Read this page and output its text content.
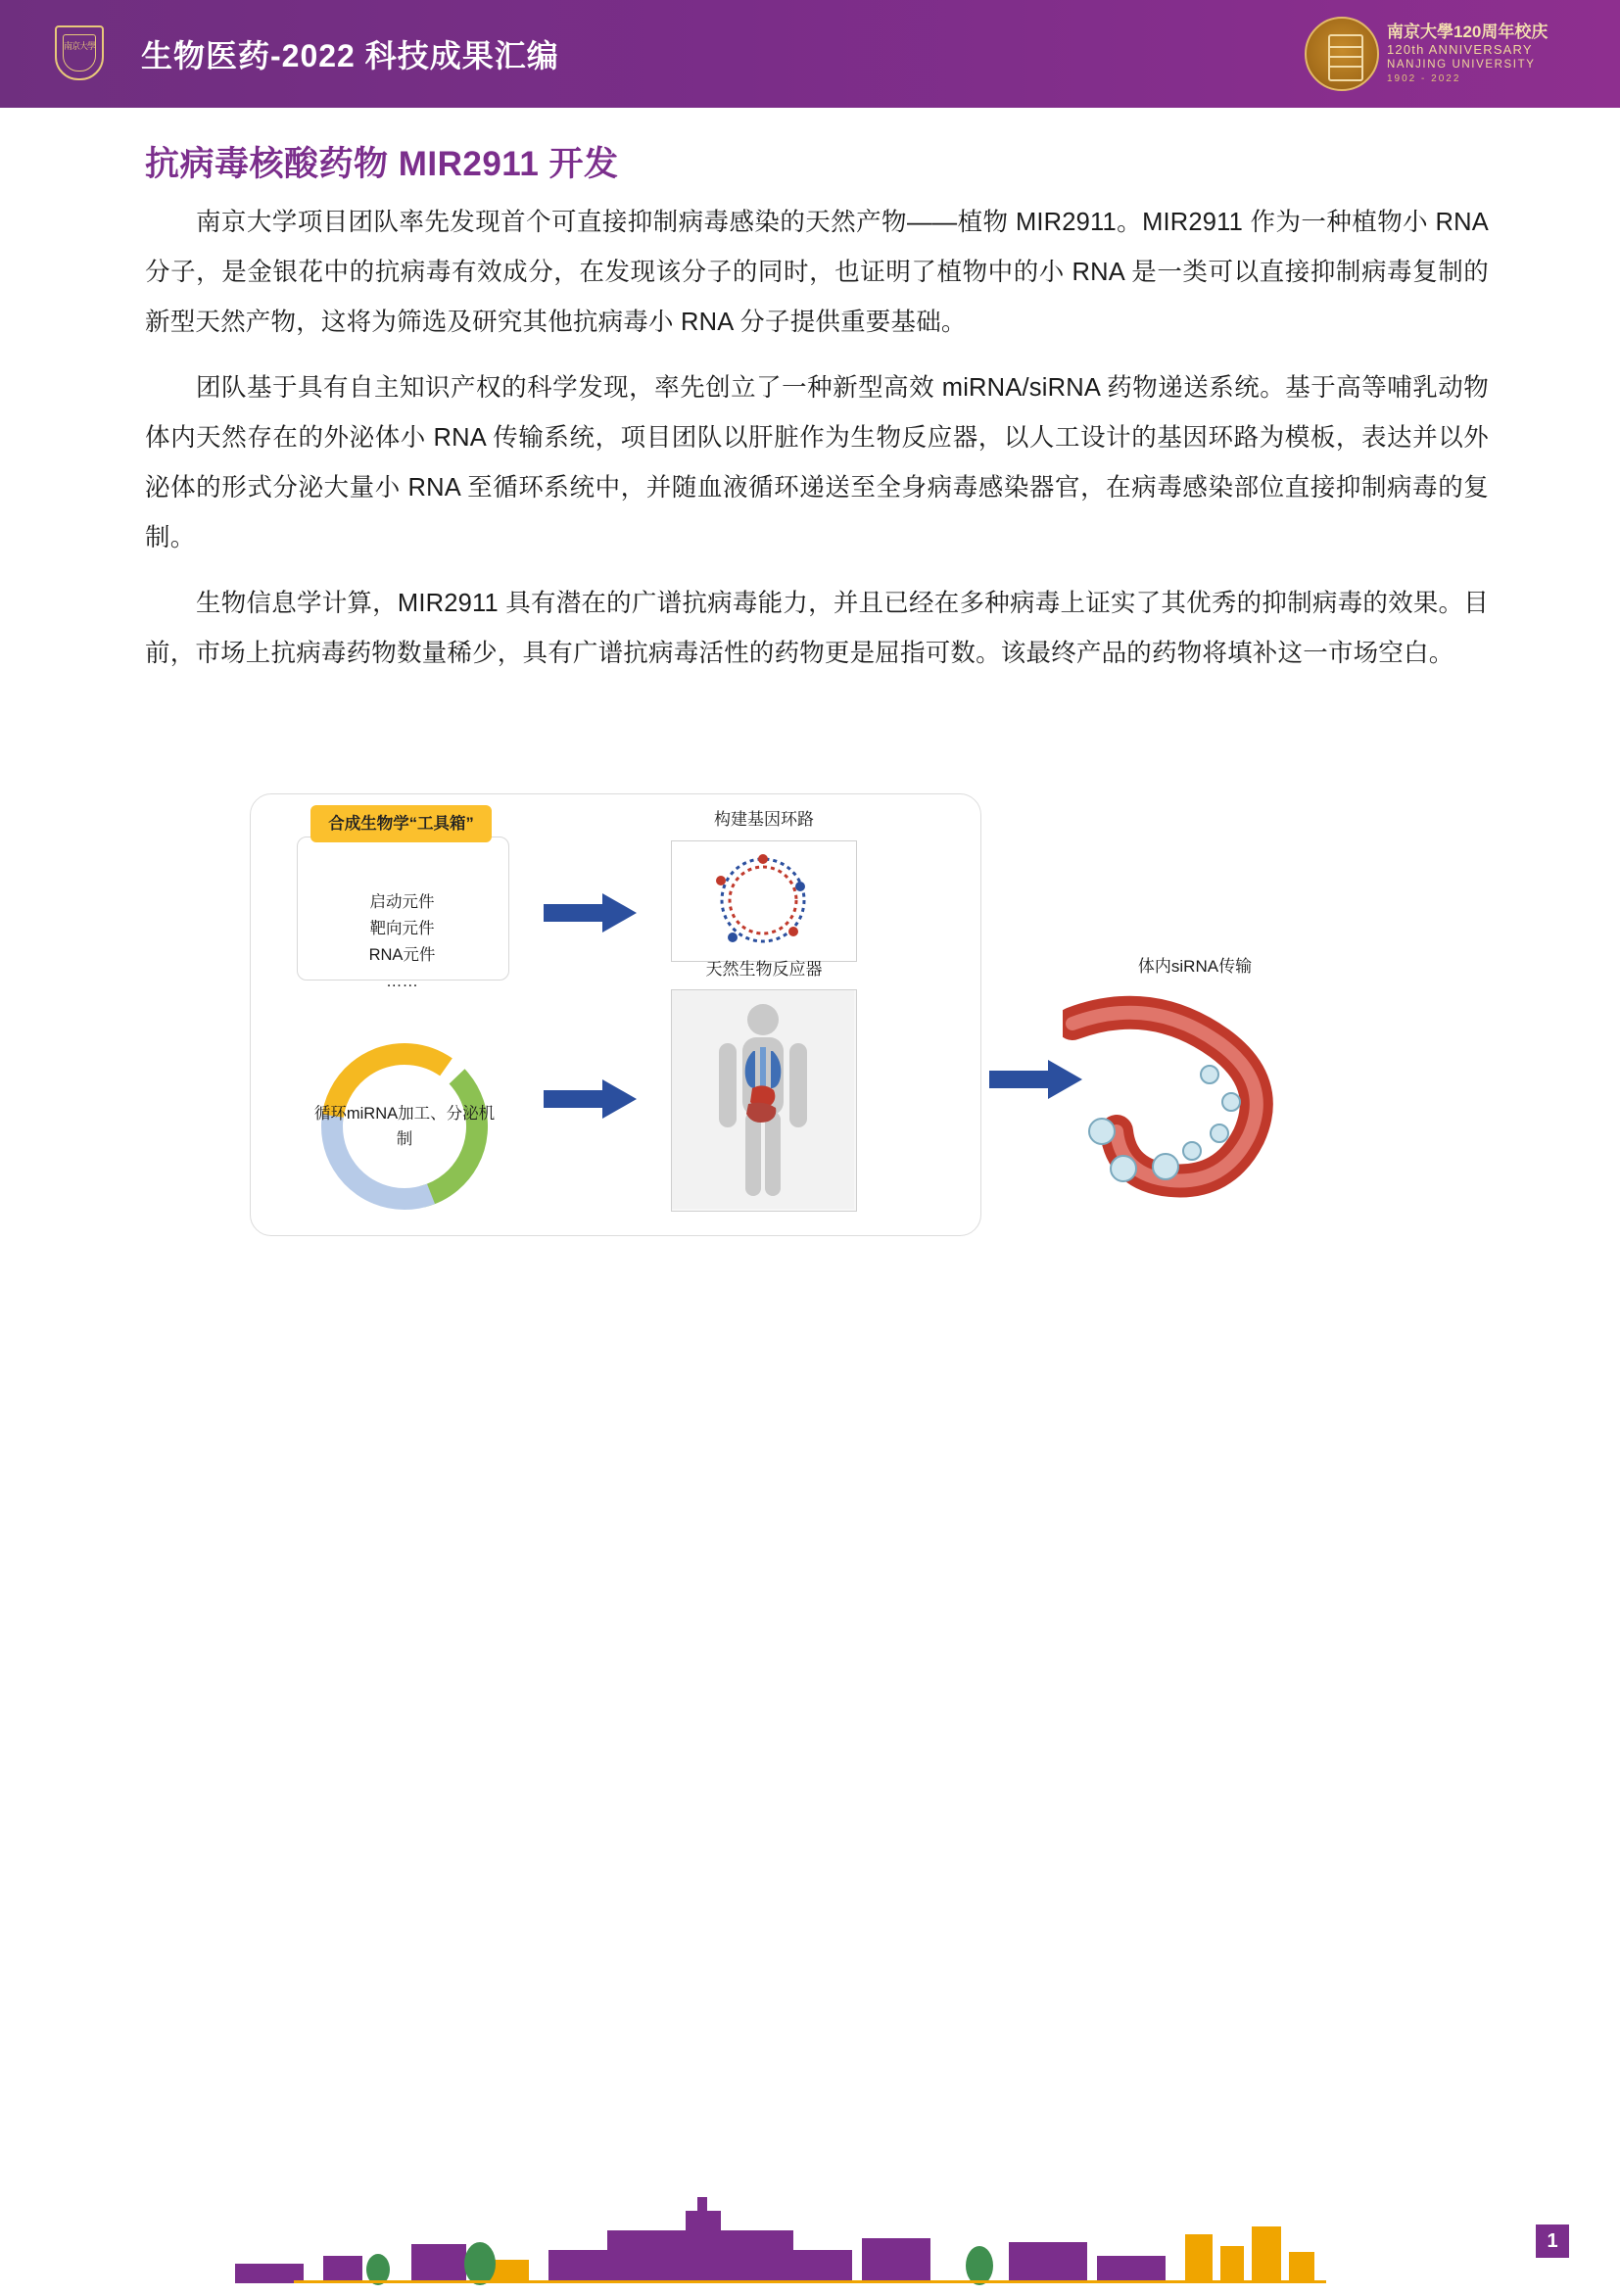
南京大學 生物医药-2022 科技成果汇编
南京大學120周年校庆
120th ANNIVERSARY
NANJING UNIVERSITY
1902 - 2022
抗病毒核酸药物 MIR2911 开发
南京大学项目团队率先发现首个可直接抑制病毒感染的天然产物——植物 MIR2911。MIR2911 作为一种植物小 RNA 分子，是金银花中的抗病毒有效成分，在发现该分子的同时，也证明了植物中的小 RNA 是一类可以直接抑制病毒复制的新型天然产物，这将为筛选及研究其他抗病毒小 RNA 分子提供重要基础。
团队基于具有自主知识产权的科学发现，率先创立了一种新型高效 miRNA/siRNA 药物递送系统。基于高等哺乳动物体内天然存在的外泌体小 RNA 传输系统，项目团队以肝脏作为生物反应器，以人工设计的基因环路为模板，表达并以外泌体的形式分泌大量小 RNA 至循环系统中，并随血液循环递送至全身病毒感染器官，在病毒感染部位直接抑制病毒的复制。
生物信息学计算，MIR2911 具有潜在的广谱抗病毒能力，并且已经在多种病毒上证实了其优秀的抑制病毒的效果。目前，市场上抗病毒药物数量稀少，具有广谱抗病毒活性的药物更是屈指可数。该最终产品的药物将填补这一市场空白。
合成生物学“工具箱”
启动元件
靶向元件
RNA元件
……
循环miRNA加工、分泌机制
构建基因环路
天然生物反应器	体内siRNA传输
1
